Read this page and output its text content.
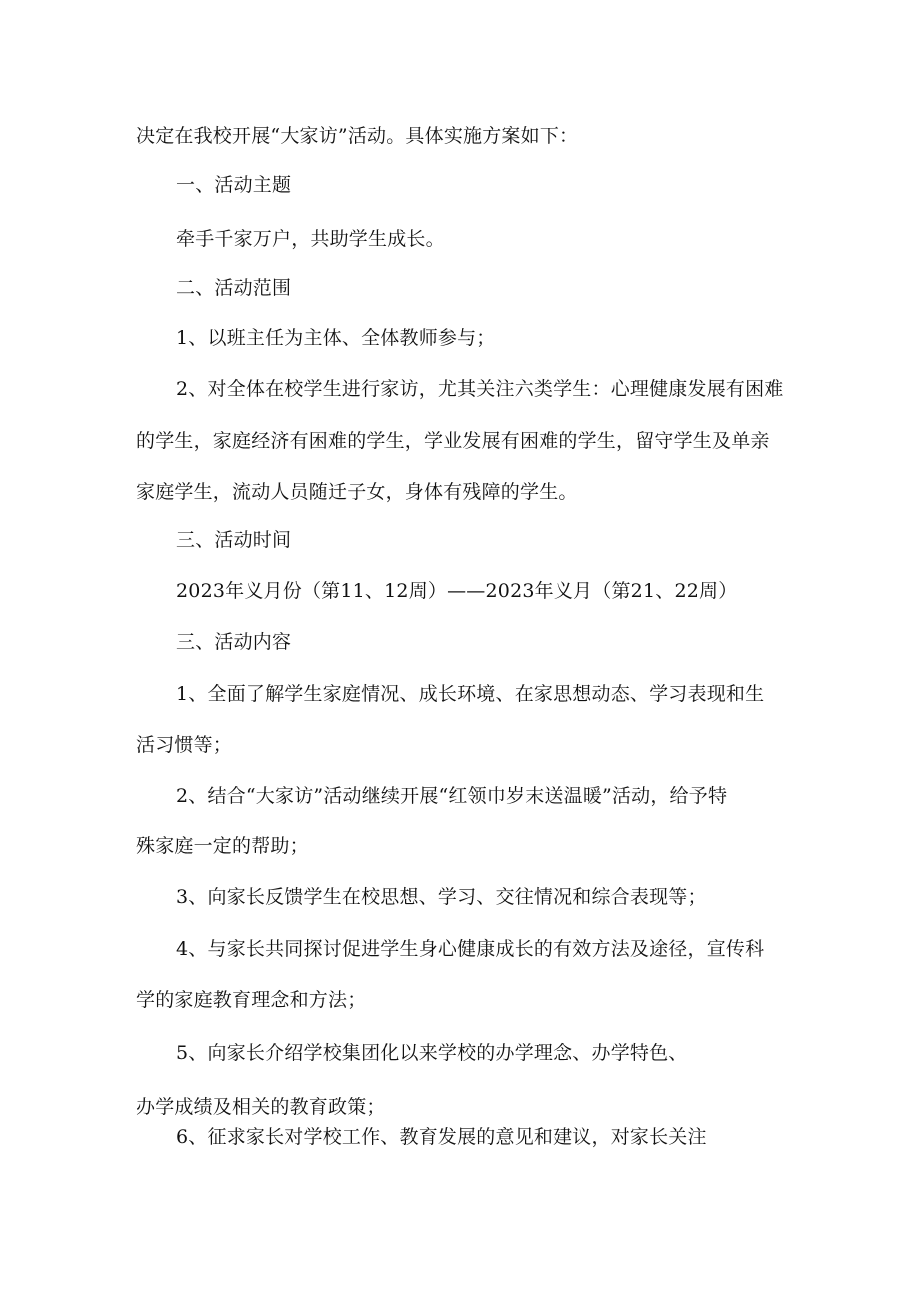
决定在我校开展“大家访”活动。具体实施方案如下：
一、活动主题
牵手千家万户，共助学生成长。
二、活动范围
1、以班主任为主体、全体教师参与；
2、对全体在校学生进行家访，尤其关注六类学生：心理健康发展有困难
的学生，家庭经济有困难的学生，学业发展有困难的学生，留守学生及单亲
家庭学生，流动人员随迁子女，身体有残障的学生。
三、活动时间
2023年义月份（第11、12周）——2023年义月（第21、22周）
三、活动内容
1、全面了解学生家庭情况、成长环境、在家思想动态、学习表现和生
活习惯等；
2、结合“大家访”活动继续开展“红领巾岁末送温暖”活动，给予特
殊家庭一定的帮助；
3、向家长反馈学生在校思想、学习、交往情况和综合表现等；
4、与家长共同探讨促进学生身心健康成长的有效方法及途径，宣传科
学的家庭教育理念和方法；
5、向家长介绍学校集团化以来学校的办学理念、办学特色、
办学成绩及相关的教育政策；
6、征求家长对学校工作、教育发展的意见和建议，对家长关注
